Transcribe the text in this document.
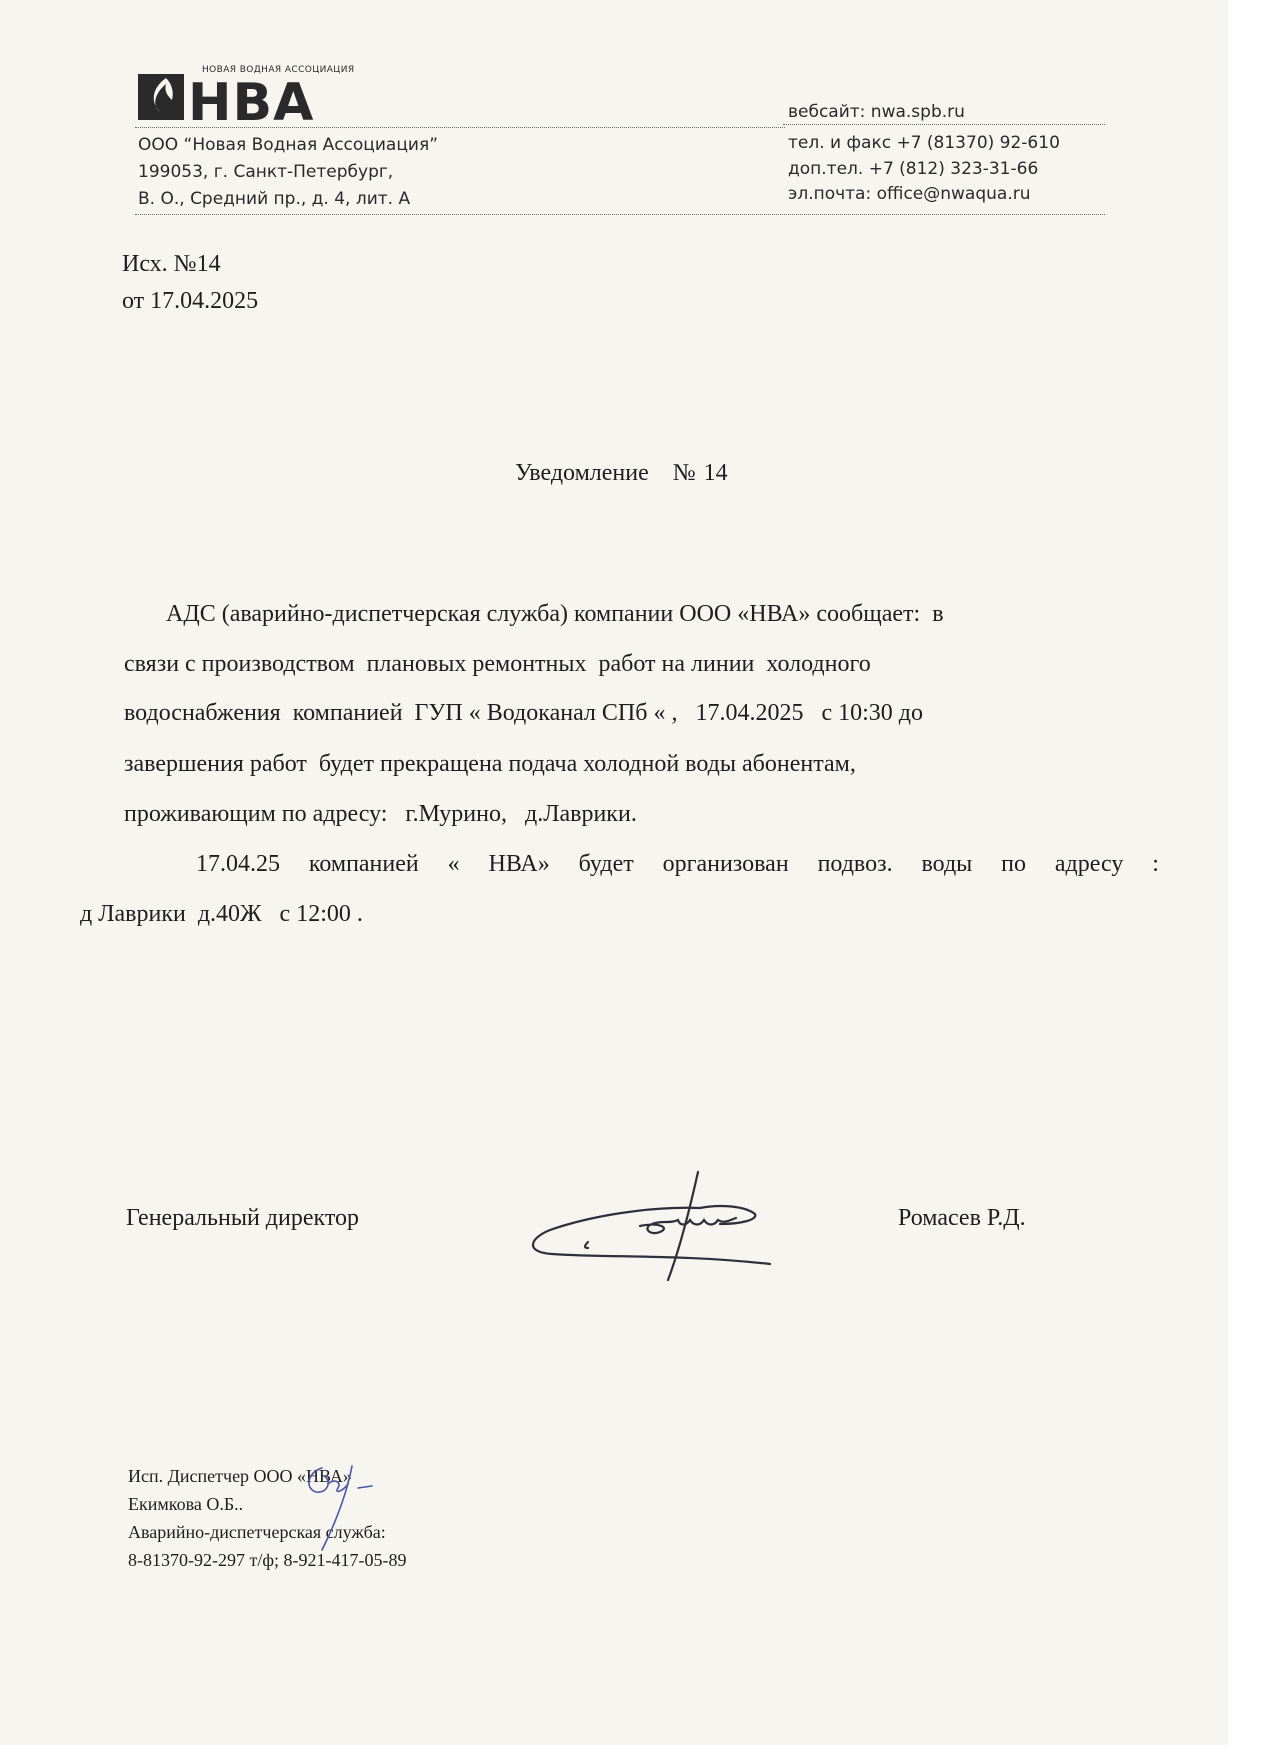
НВА
НОВАЯ ВОДНАЯ АССОЦИАЦИЯ
ООО “Новая Водная Ассоциация”
199053, г. Санкт-Петербург,
В. О., Средний пр., д. 4, лит. А
вебсайт: nwa.spb.ru
тел. и факс +7 (81370) 92-610
доп.тел. +7 (812) 323-31-66
эл.почта: office@nwaqua.ru
Исх. №14
от 17.04.2025
Уведомление   № 14
АДС (аварийно-диспетчерская служба) компании ООО «НВА» сообщает:  в
связи с производством  плановых ремонтных  работ на линии  холодного
водоснабжения  компанией  ГУП « Водоканал СПб « ,   17.04.2025   с 10:30 до
завершения работ  будет прекращена подача холодной воды абонентам,
проживающим по адресу:   г.Мурино,   д.Лаврики.
17.04.25 компанией « НВА» будет организован подвоз. воды по адресу :
д Лаврики  д.40Ж   с 12:00 .
Генеральный директор	Ромасев Р.Д.
Исп. Диспетчер ООО «НВА»
Екимкова О.Б..
Аварийно-диспетчерская служба:
8-81370-92-297 т/ф; 8-921-417-05-89
